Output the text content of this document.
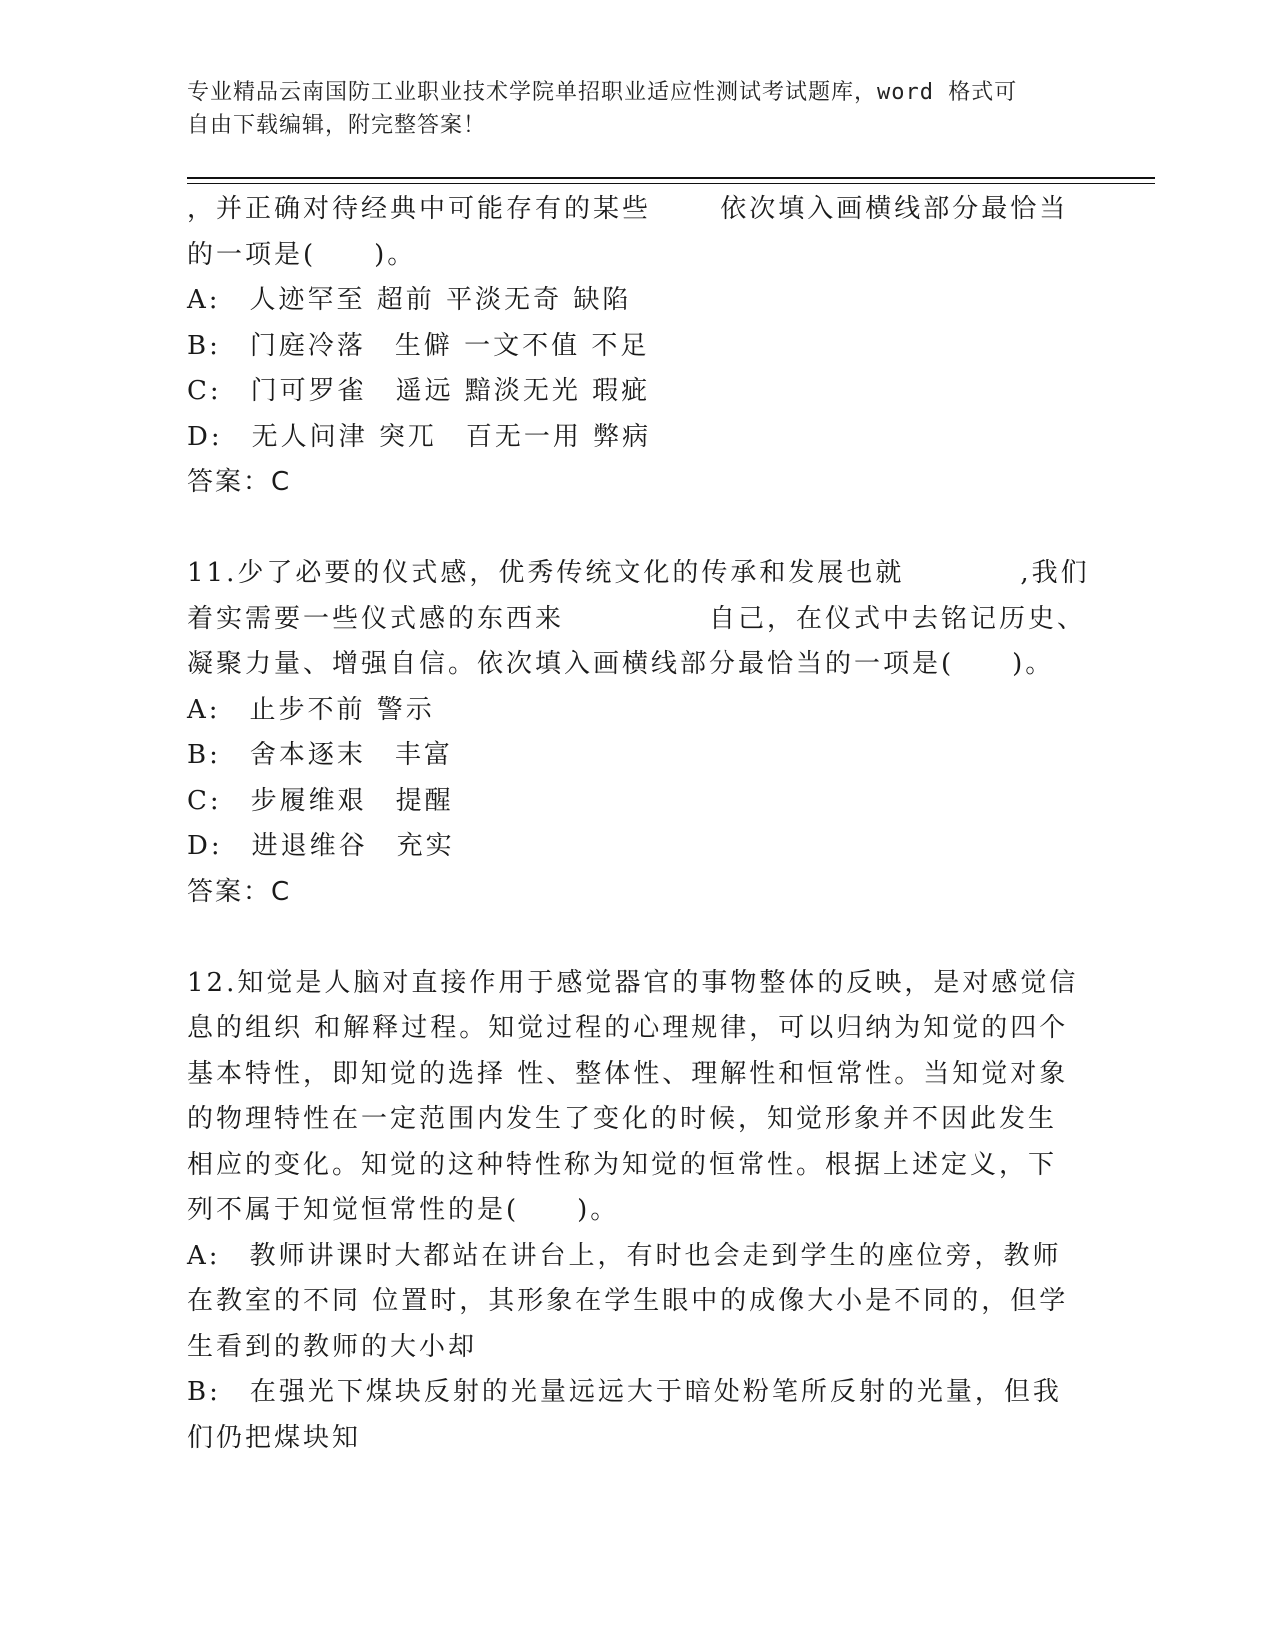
专业精品云南国防工业职业技术学院单招职业适应性测试考试题库，word 格式可
自由下载编辑，附完整答案！
，并正确对待经典中可能存有的某些　　 依次填入画横线部分最恰当
的一项是(　　)。
A:　人迹罕至 超前 平淡无奇 缺陷
B:　门庭冷落　生僻 一文不值 不足
C:　门可罗雀　遥远 黯淡无光 瑕疵
D:　无人问津 突兀　百无一用 弊病
答案：C
11.少了必要的仪式感，优秀传统文化的传承和发展也就　　　　,我们
着实需要一些仪式感的东西来　　　　　自己，在仪式中去铭记历史、
凝聚力量、增强自信。依次填入画横线部分最恰当的一项是(　　)。
A:　止步不前 警示
B:　舍本逐末　丰富
C:　步履维艰　提醒
D:　进退维谷　充实
答案：C
12.知觉是人脑对直接作用于感觉器官的事物整体的反映，是对感觉信
息的组织 和解释过程。知觉过程的心理规律，可以归纳为知觉的四个
基本特性，即知觉的选择 性、整体性、理解性和恒常性。当知觉对象
的物理特性在一定范围内发生了变化的时候，知觉形象并不因此发生
相应的变化。知觉的这种特性称为知觉的恒常性。根据上述定义，下
列不属于知觉恒常性的是(　　)。
A:　教师讲课时大都站在讲台上，有时也会走到学生的座位旁，教师
在教室的不同 位置时，其形象在学生眼中的成像大小是不同的，但学
生看到的教师的大小却
B:　在强光下煤块反射的光量远远大于暗处粉笔所反射的光量，但我
们仍把煤块知
